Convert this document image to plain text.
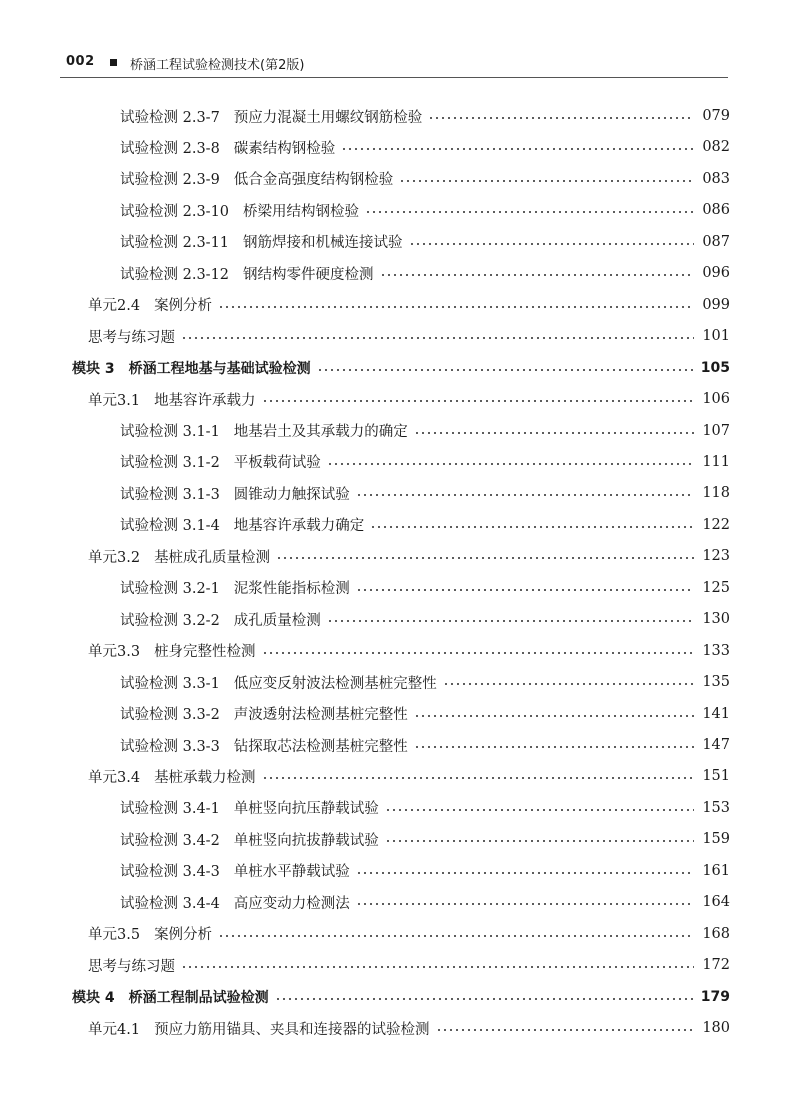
002	桥涵工程试验检测技术(第2版)
试验检测 2.3-7 预应力混凝土用螺纹钢筋检验	079
试验检测 2.3-8 碳素结构钢检验	082
试验检测 2.3-9 低合金高强度结构钢检验	083
试验检测 2.3-10 桥梁用结构钢检验	086
试验检测 2.3-11 钢筋焊接和机械连接试验	087
试验检测 2.3-12 钢结构零件硬度检测	096
单元2.4 案例分析	099
思考与练习题	101
模块 3 桥涵工程地基与基础试验检测	105
单元3.1 地基容许承载力	106
试验检测 3.1-1 地基岩土及其承载力的确定	107
试验检测 3.1-2 平板载荷试验	111
试验检测 3.1-3 圆锥动力触探试验	118
试验检测 3.1-4 地基容许承载力确定	122
单元3.2 基桩成孔质量检测	123
试验检测 3.2-1 泥浆性能指标检测	125
试验检测 3.2-2 成孔质量检测	130
单元3.3 桩身完整性检测	133
试验检测 3.3-1 低应变反射波法检测基桩完整性	135
试验检测 3.3-2 声波透射法检测基桩完整性	141
试验检测 3.3-3 钻探取芯法检测基桩完整性	147
单元3.4 基桩承载力检测	151
试验检测 3.4-1 单桩竖向抗压静载试验	153
试验检测 3.4-2 单桩竖向抗拔静载试验	159
试验检测 3.4-3 单桩水平静载试验	161
试验检测 3.4-4 高应变动力检测法	164
单元3.5 案例分析	168
思考与练习题	172
模块 4 桥涵工程制品试验检测	179
单元4.1 预应力筋用锚具、夹具和连接器的试验检测	180
